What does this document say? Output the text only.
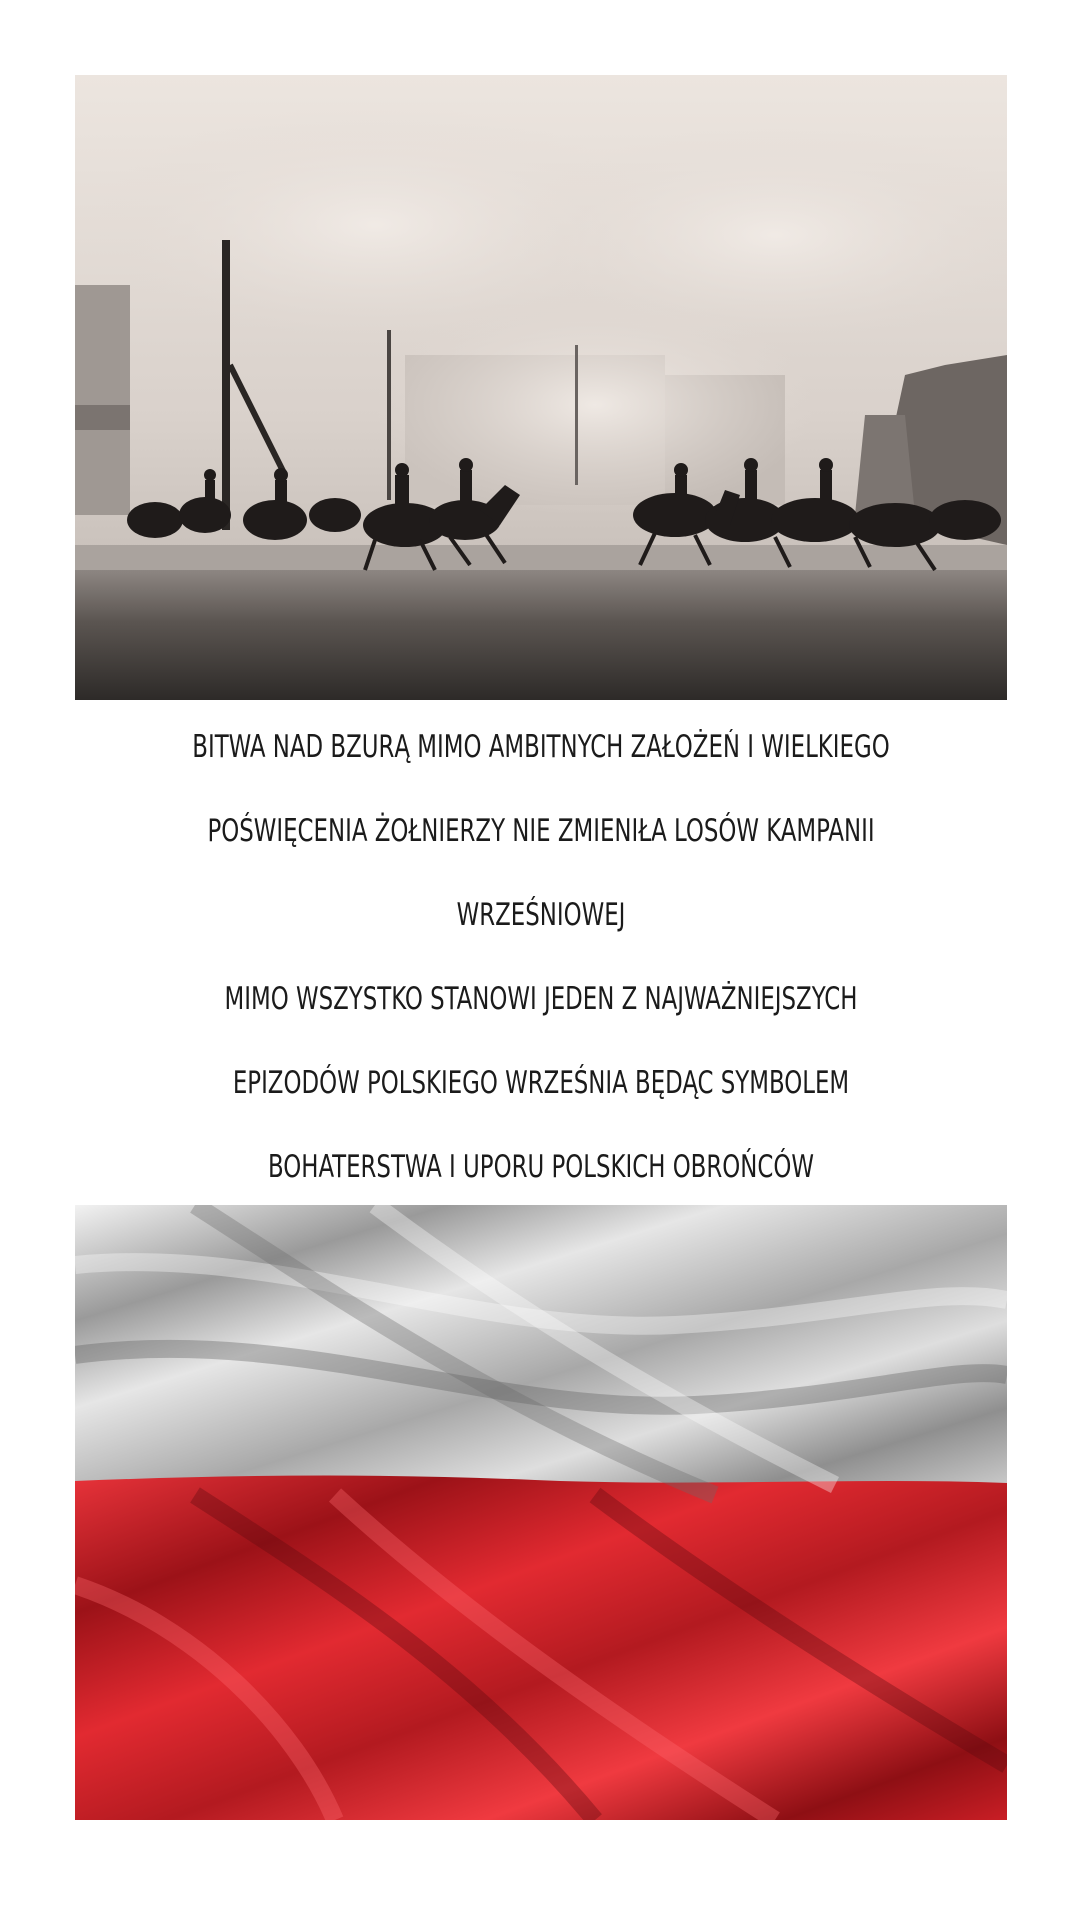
BITWA NAD BZURĄ MIMO AMBITNYCH ZAŁOŻEŃ I WIELKIEGO
POŚWIĘCENIA ŻOŁNIERZY NIE ZMIENIŁA LOSÓW KAMPANII
WRZEŚNIOWEJ
MIMO WSZYSTKO STANOWI JEDEN Z NAJWAŻNIEJSZYCH
EPIZODÓW POLSKIEGO WRZEŚNIA BĘDĄC SYMBOLEM
BOHATERSTWA I UPORU POLSKICH OBROŃCÓW
